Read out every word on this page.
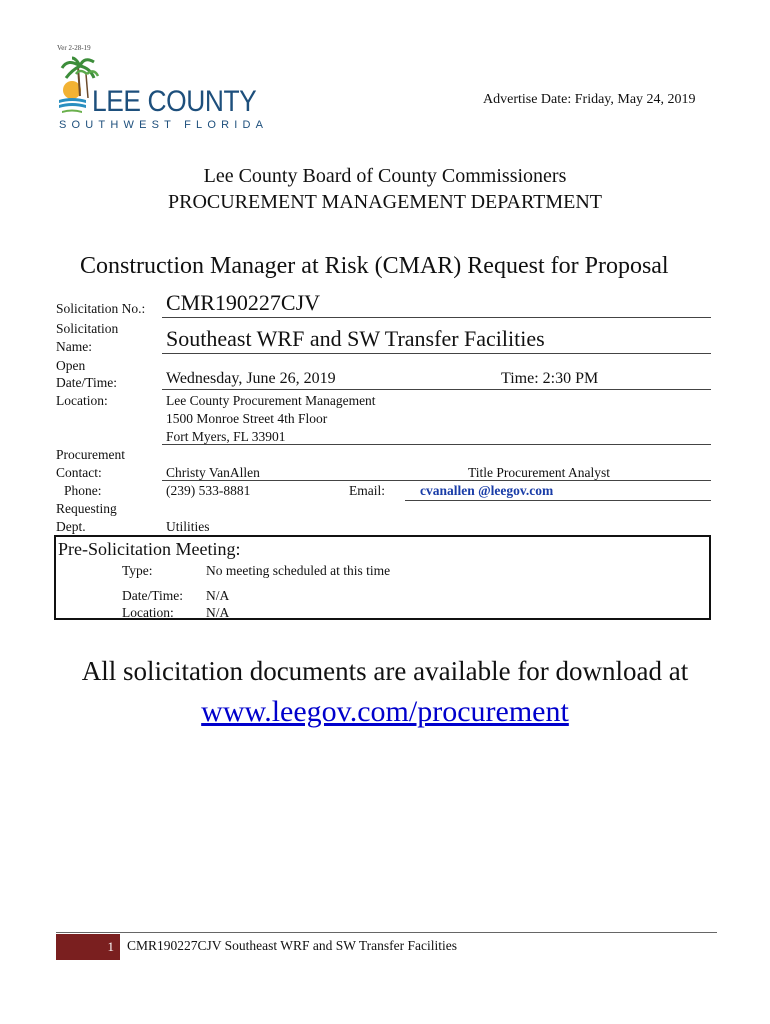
Ver 2-28-19
LEE COUNTY
SOUTHWEST FLORIDA
Advertise Date: Friday, May 24, 2019
Lee County Board of County Commissioners
PROCUREMENT MANAGEMENT DEPARTMENT
Construction Manager at Risk (CMAR) Request for Proposal
Solicitation No.: CMR190227CJV
Solicitation
Name:	Southeast WRF and SW Transfer Facilities
Open
Date/Time:	Wednesday, June 26, 2019	Time: 2:30 PM
Location:	Lee County Procurement Management
1500 Monroe Street 4th Floor
Fort Myers, FL 33901
Procurement
Contact:	Christy VanAllen	Title Procurement Analyst
Phone:	(239) 533-8881	Email:	cvanallen @leegov.com
Requesting
Dept.	Utilities
Pre-Solicitation Meeting:
Type:	No meeting scheduled at this time
Date/Time: N/A
Location: N/A
All solicitation documents are available for download at
www.leegov.com/procurement
1 CMR190227CJV Southeast WRF and SW Transfer Facilities
